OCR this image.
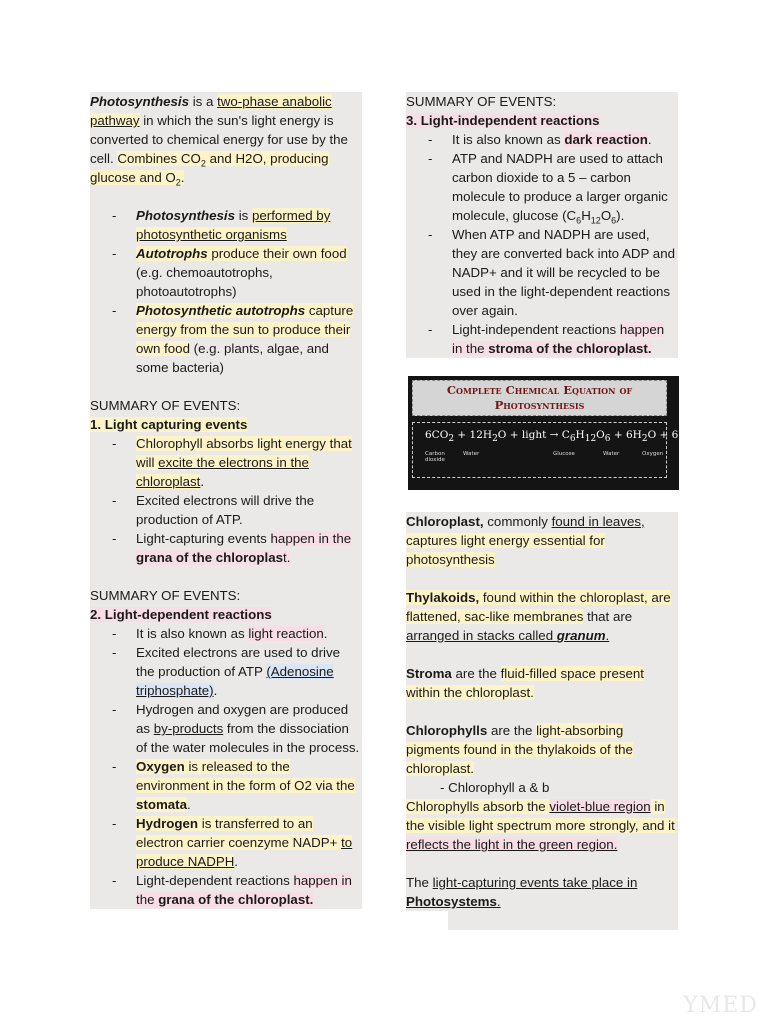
Photosynthesis is a two-phase anabolic pathway in which the sun's light energy is converted to chemical energy for use by the cell. Combines $CO_2$ and H2O, producing glucose and $O_2$.
- Photosynthesis is performed by photosynthetic organisms
- Autotrophs produce their own food (e.g. chemoautotrophs, photoautotrophs)
- Photosynthetic autotrophs capture energy from the sun to produce their own food (e.g. plants, algae, and some bacteria)
SUMMARY OF EVENTS:
1. Light capturing events
- Chlorophyll absorbs light energy that will excite the electrons in the chloroplast.
- Excited electrons will drive the production of ATP.
- Light-capturing events happen in the grana of the chloroplast.
SUMMARY OF EVENTS:
2. Light-dependent reactions
- It is also known as light reaction.
- Excited electrons are used to drive the production of ATP (Adenosine triphosphate).
- Hydrogen and oxygen are produced as by-products from the dissociation of the water molecules in the process.
- Oxygen is released to the environment in the form of O2 via the stomata.
- Hydrogen is transferred to an electron carrier coenzyme NADP+ to produce NADPH.
- Light-dependent reactions happen in the grana of the chloroplast.
SUMMARY OF EVENTS:
3. Light-independent reactions
- It is also known as dark reaction.
- ATP and NADPH are used to attach carbon dioxide to a 5 – carbon molecule to produce a larger organic molecule, glucose $(C_6H_{12}O_6)$.
- When ATP and NADPH are used, they are converted back into ADP and NADP+ and it will be recycled to be used in the light-dependent reactions over again.
- Light-independent reactions happen in the stroma of the chloroplast.
Complete Chemical Equation of
Photosynthesis
$6CO_2 + 12H_2O$ + light → $C_6H_{12}O_6 + 6H_2O + 6O_2$
Carbon dioxide
Water	Glucose	Water	Oxygen
Chloroplast, commonly found in leaves, captures light energy essential for photosynthesis
Thylakoids, found within the chloroplast, are flattened, sac-like membranes that are arranged in stacks called granum.
Stroma are the fluid-filled space present within the chloroplast.
Chlorophylls are the light-absorbing pigments found in the thylakoids of the chloroplast.
- Chlorophyll a & b
Chlorophylls absorb the violet-blue region in the visible light spectrum more strongly, and it reflects the light in the green region.
The light-capturing events take place in
Photosystems.
YMED
